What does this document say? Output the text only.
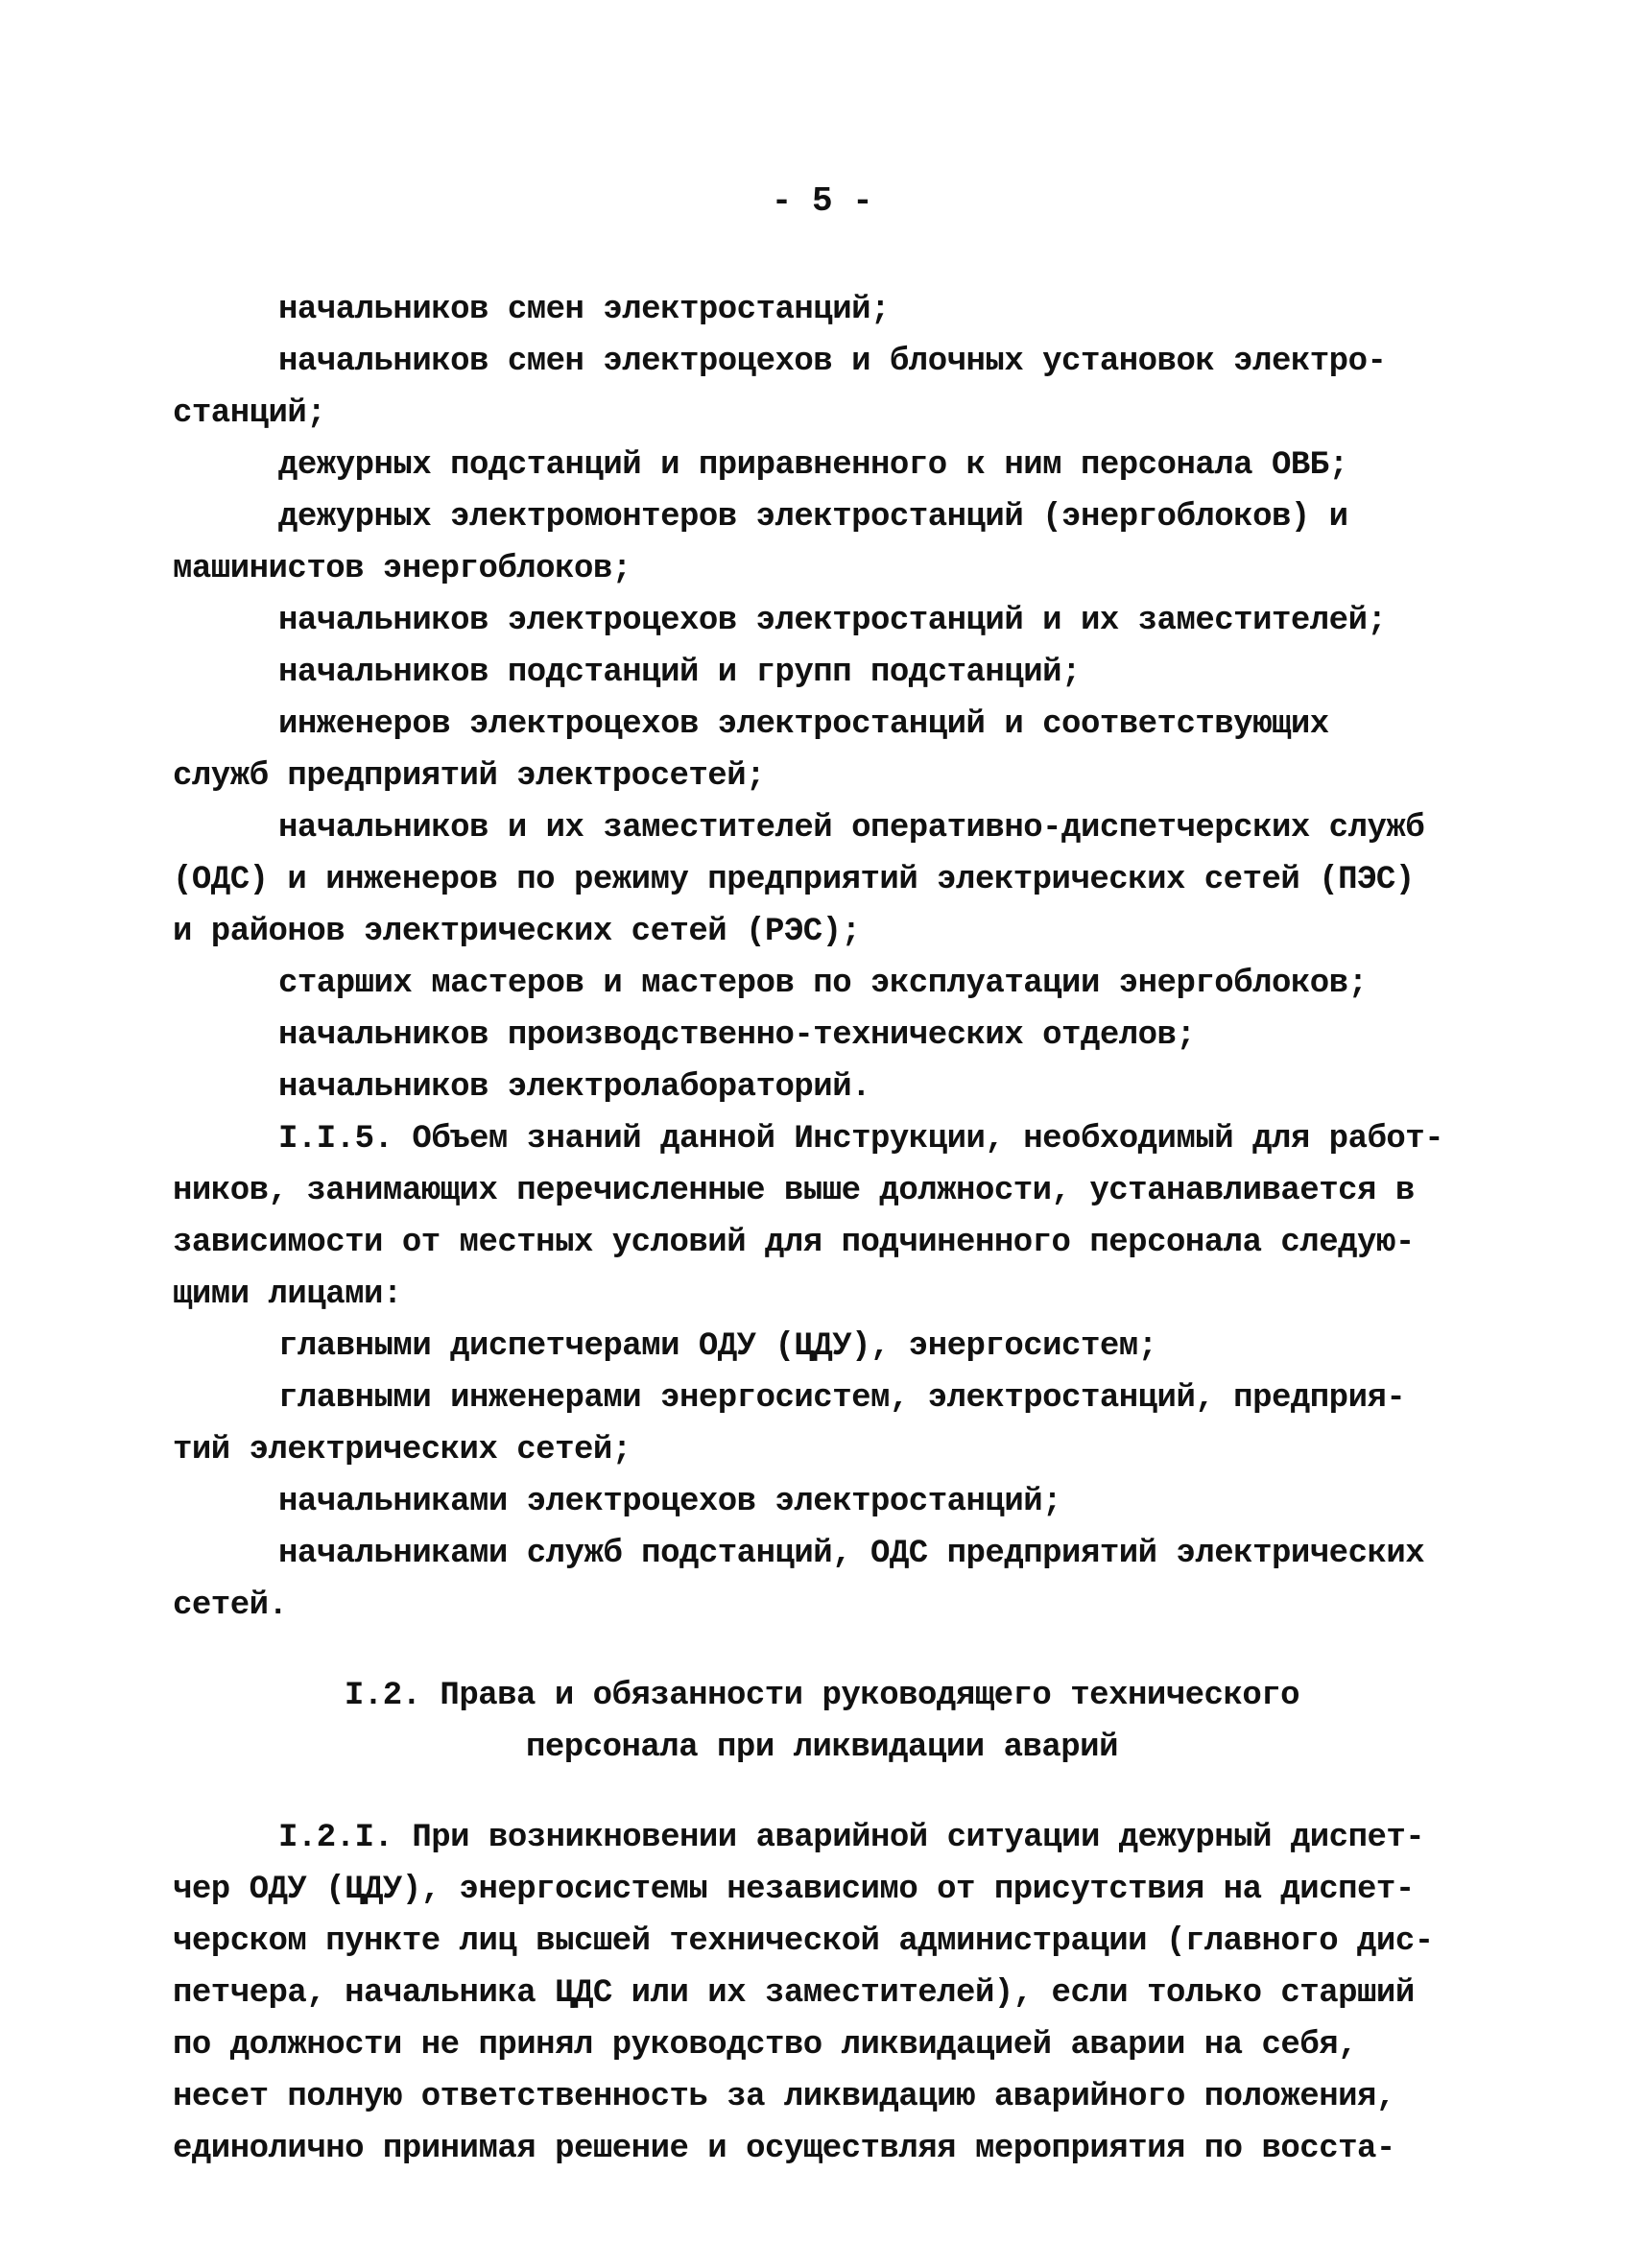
- 5 -
начальников смен электростанций;
начальников смен электроцехов и блочных установок электро-
станций;
дежурных подстанций и приравненного к ним персонала ОВБ;
дежурных электромонтеров электростанций (энергоблоков) и
машинистов энергоблоков;
начальников электроцехов электростанций и их заместителей;
начальников подстанций и групп подстанций;
инженеров электроцехов электростанций и соответствующих
служб предприятий электросетей;
начальников и их заместителей оперативно-диспетчерских служб
(ОДС) и инженеров по режиму предприятий электрических сетей (ПЭС)
и районов электрических сетей (РЭС);
старших мастеров и мастеров по эксплуатации энергоблоков;
начальников производственно-технических отделов;
начальников электролабораторий.
I.I.5. Объем знаний данной Инструкции, необходимый для работ-
ников, занимающих перечисленные выше должности, устанавливается в
зависимости от местных условий для подчиненного персонала следую-
щими лицами:
главными диспетчерами ОДУ (ЦДУ), энергосистем;
главными инженерами энергосистем, электростанций, предприя-
тий электрических сетей;
начальниками электроцехов электростанций;
начальниками служб подстанций, ОДС предприятий электрических
сетей.
I.2. Права и обязанности руководящего технического
персонала при ликвидации аварий
I.2.I. При возникновении аварийной ситуации дежурный диспет-
чер ОДУ (ЦДУ), энергосистемы независимо от присутствия на диспет-
черском пункте лиц высшей технической администрации (главного дис-
петчера, начальника ЦДС или их заместителей), если только старший
по должности не принял руководство ликвидацией аварии на себя,
несет полную ответственность за ликвидацию аварийного положения,
единолично принимая решение и осуществляя мероприятия по восста-
